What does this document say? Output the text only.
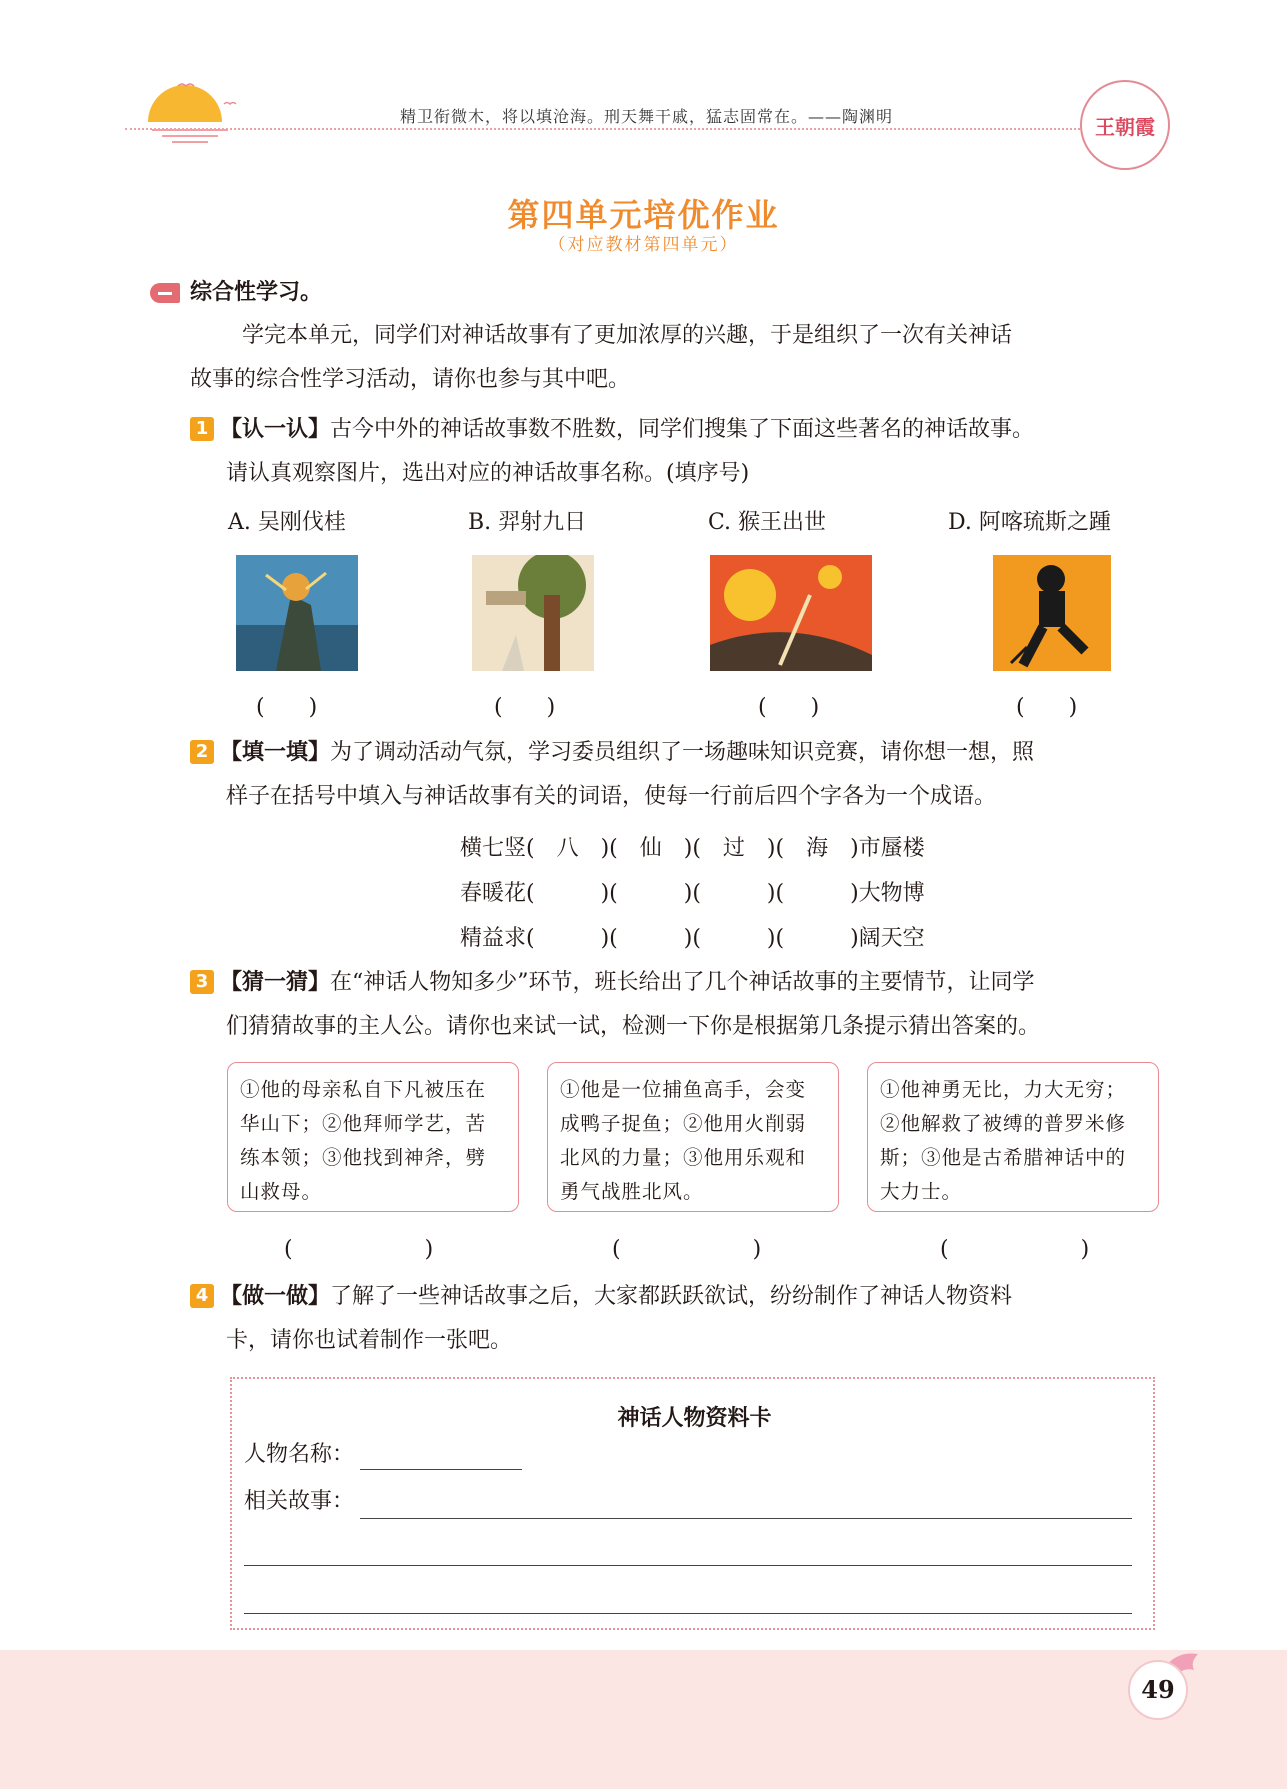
精卫衔微木，将以填沧海。刑天舞干戚，猛志固常在。——陶渊明	王朝霞
第四单元培优作业
（对应教材第四单元）
综合性学习。
学完本单元，同学们对神话故事有了更加浓厚的兴趣，于是组织了一次有关神话
故事的综合性学习活动，请你也参与其中吧。
1 【认一认】古今中外的神话故事数不胜数，同学们搜集了下面这些著名的神话故事。
请认真观察图片，选出对应的神话故事名称。(填序号)
A. 吴刚伐桂	B. 羿射九日	C. 猴王出世	D. 阿喀琉斯之踵
(　　)	(　　)	(　　)	(　　)
2 【填一填】为了调动活动气氛，学习委员组织了一场趣味知识竞赛，请你想一想，照
样子在括号中填入与神话故事有关的词语，使每一行前后四个字各为一个成语。
横七竖(　八　)(　仙　)(　过　)(　海　)市蜃楼
春暖花(　　　)(　　　)(　　　)(　　　)大物博
精益求(　　　)(　　　)(　　　)(　　　)阔天空
3 【猜一猜】在“神话人物知多少”环节，班长给出了几个神话故事的主要情节，让同学
们猜猜故事的主人公。请你也来试一试，检测一下你是根据第几条提示猜出答案的。
①他的母亲私自下凡被压在华山下；②他拜师学艺，苦练本领；③他找到神斧，劈山救母。
①他是一位捕鱼高手，会变成鸭子捉鱼；②他用火削弱北风的力量；③他用乐观和勇气战胜北风。
①他神勇无比，力大无穷；②他解救了被缚的普罗米修斯；③他是古希腊神话中的大力士。
(　　　　　　)	(　　　　　　)	(　　　　　　)
4 【做一做】了解了一些神话故事之后，大家都跃跃欲试，纷纷制作了神话人物资料
卡，请你也试着制作一张吧。
神话人物资料卡
人物名称：
相关故事：
49
